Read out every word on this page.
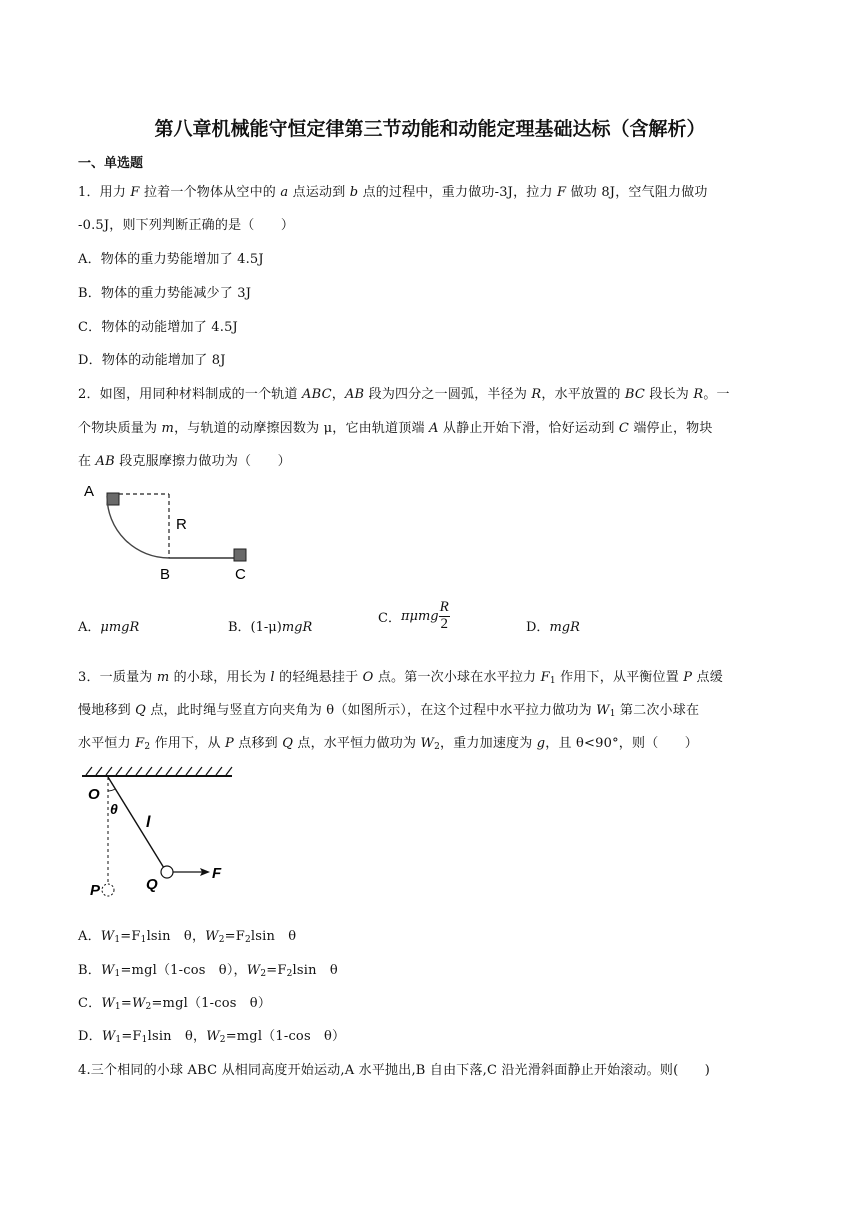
第八章机械能守恒定律第三节动能和动能定理基础达标（含解析）
一、单选题
1．用力 F 拉着一个物体从空中的 a 点运动到 b 点的过程中，重力做功-3J，拉力 F 做功 8J，空气阻力做功
-0.5J，则下列判断正确的是（　　）
A．物体的重力势能增加了 4.5J
B．物体的重力势能减少了 3J
C．物体的动能增加了 4.5J
D．物体的动能增加了 8J
2．如图，用同种材料制成的一个轨道 ABC，AB 段为四分之一圆弧，半径为 R，水平放置的 BC 段长为 R。一
个物块质量为 m，与轨道的动摩擦因数为 μ，它由轨道顶端 A 从静止开始下滑，恰好运动到 C 端停止，物块
在 AB 段克服摩擦力做功为（　　）
A
R
B	C
A．μmgR	B．(1-μ)mgR
C．πμmg $\frac{R}{2}$	D．mgR
3．一质量为 m 的小球，用长为 l 的轻绳悬挂于 O 点。第一次小球在水平拉力 $F_1$ 作用下，从平衡位置 P 点缓
慢地移到 Q 点，此时绳与竖直方向夹角为 θ（如图所示），在这个过程中水平拉力做功为 $W_1$ 第二次小球在
水平恒力 $F_2$ 作用下，从 P 点移到 Q 点，水平恒力做功为 $W_2$，重力加速度为 g，且 θ<90°，则（　　）
O
θ
l
F
Q
P
A．$W_1=F_1lsin$　θ，$W_2=F_2lsin$　θ
B．$W_1=mgl(1-\cos$　θ），$W_2=F_2lsin$　θ
C．$W_1=W_2=mgl(1-\cos$　θ）
D．$W_1=F_1lsin$　θ，$W_2=mgl(1-\cos$　θ）
4.三个相同的小球 ABC 从相同高度开始运动,A 水平抛出,B 自由下落,C 沿光滑斜面静止开始滚动。则(　　)
